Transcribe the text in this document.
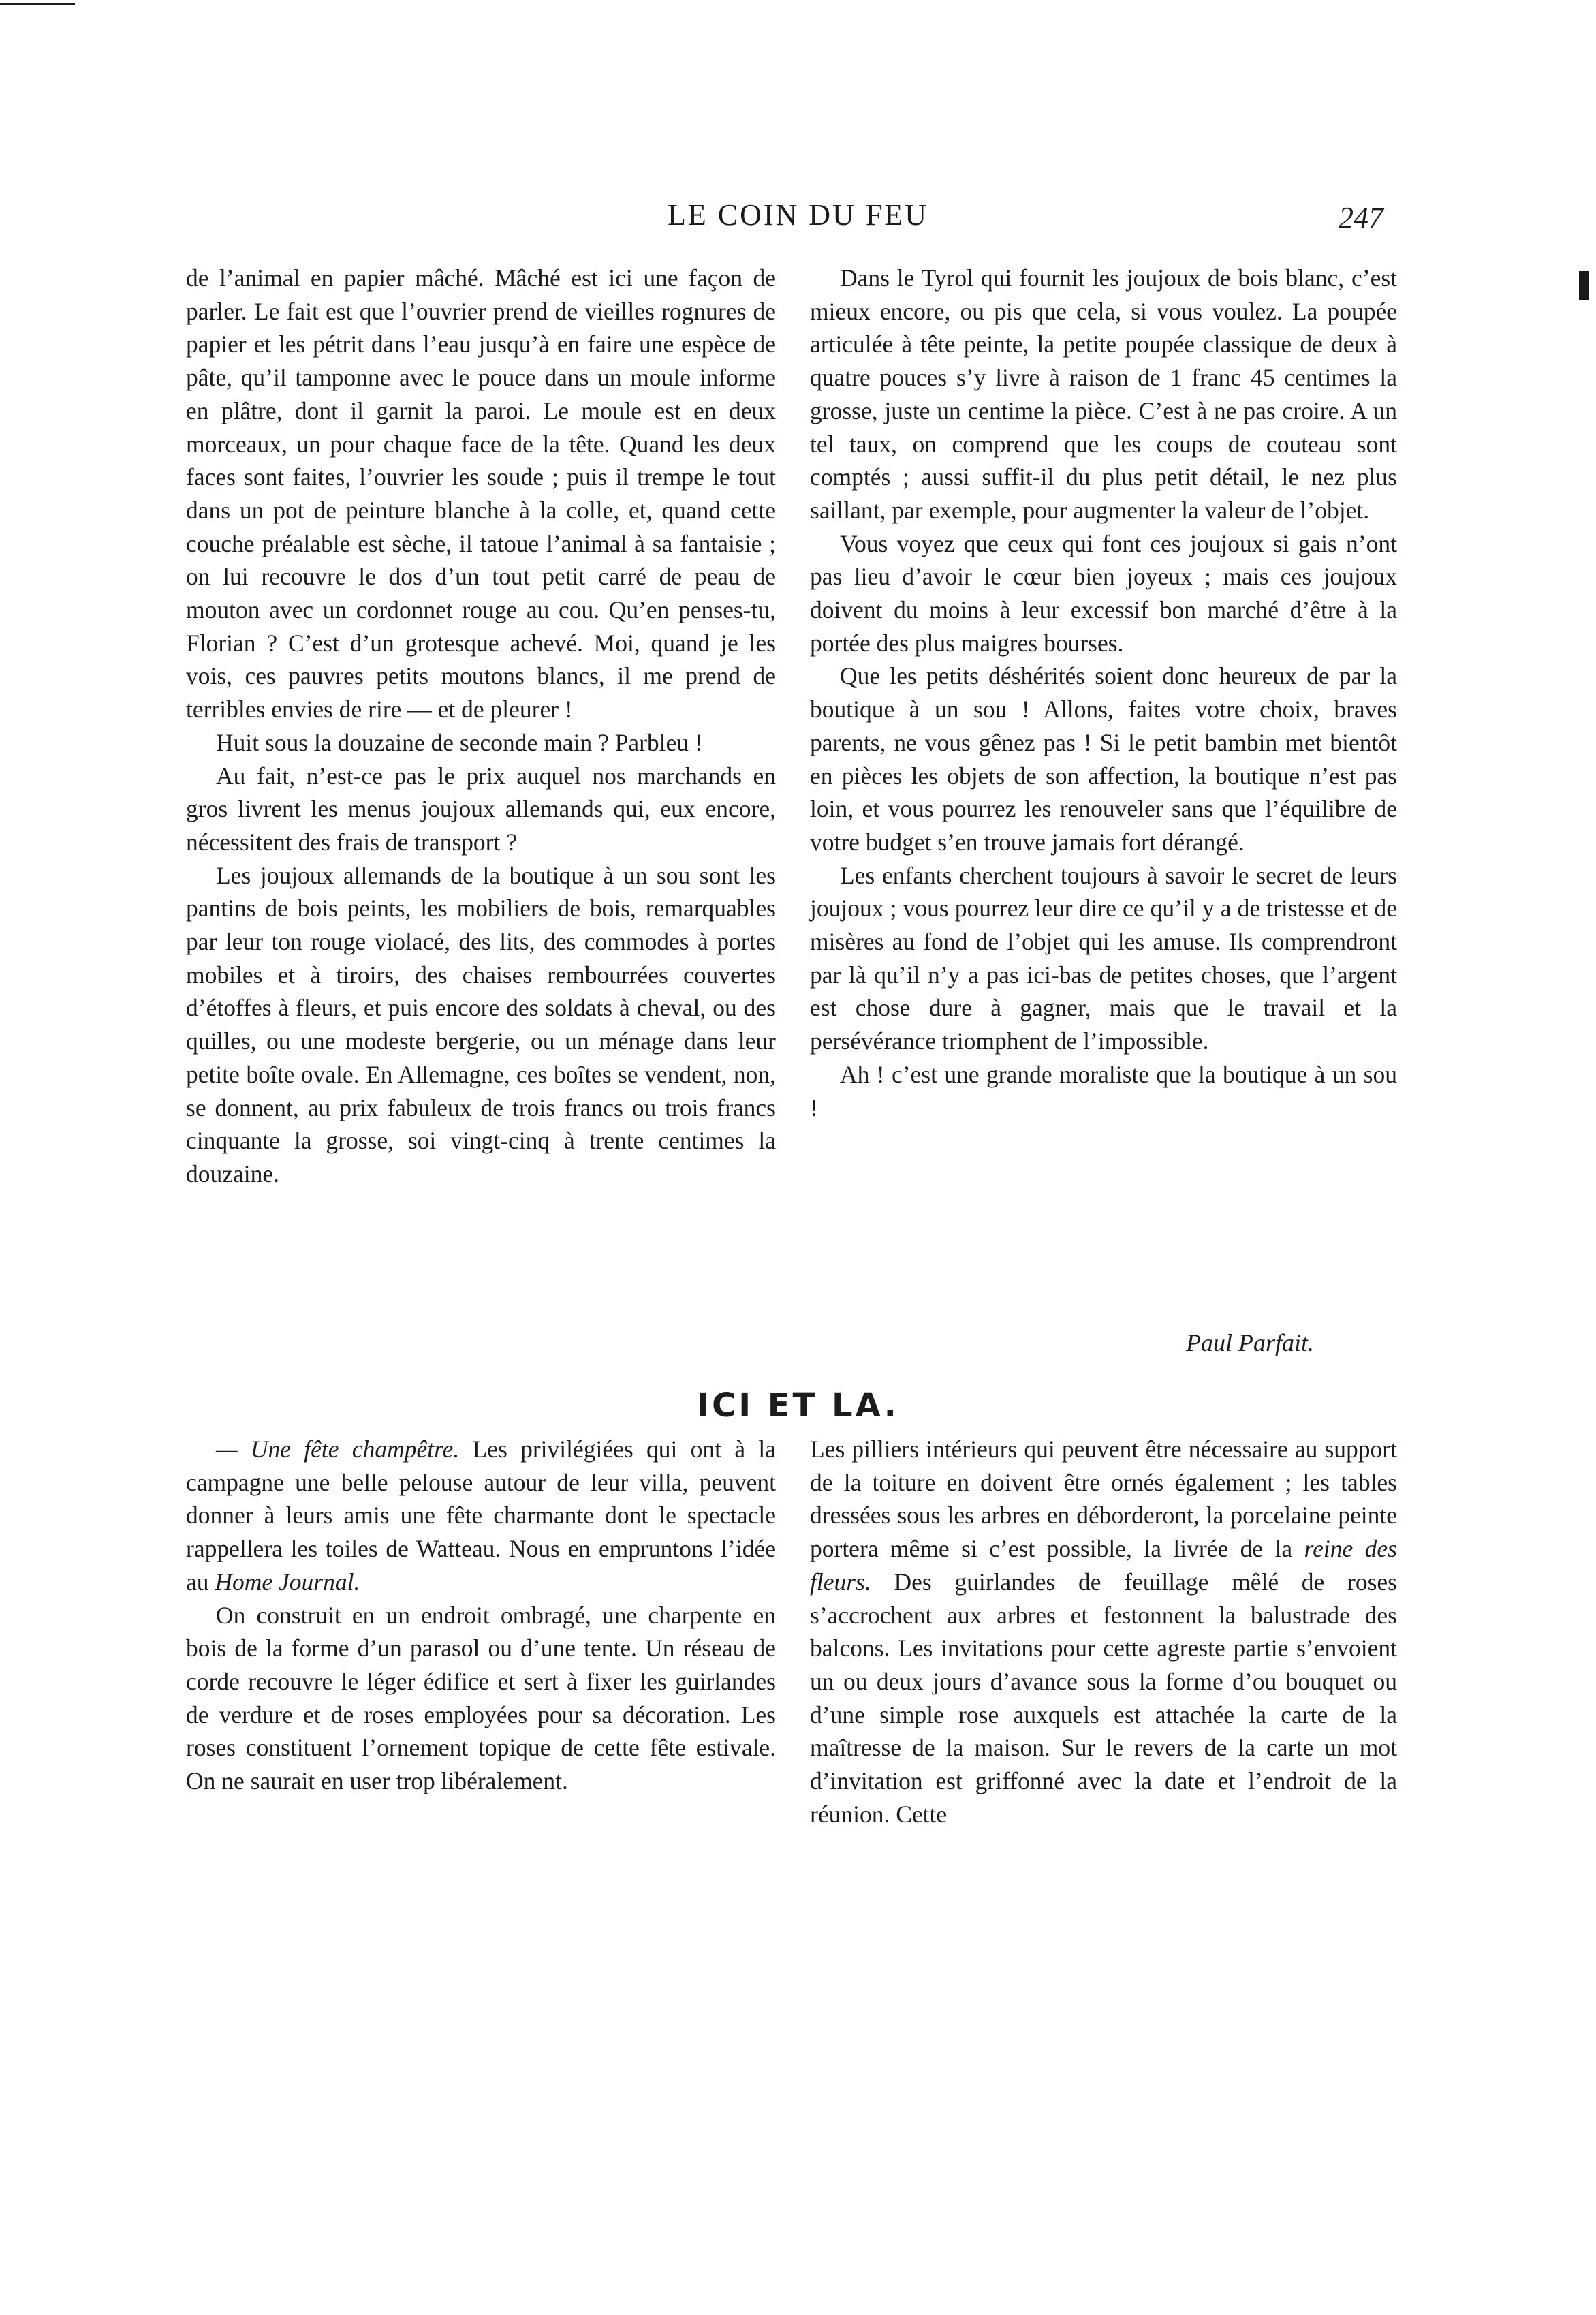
LE COIN DU FEU	247

de l’animal en papier mâché. Mâché est ici une façon de parler. Le fait est que l’ouvrier prend de vieilles rognures de papier et les pétrit dans l’eau jusqu’à en faire une espèce de pâte, qu’il tamponne avec le pouce dans un moule informe en plâtre, dont il garnit la paroi. Le moule est en deux morceaux, un pour chaque face de la tête. Quand les deux faces sont faites, l’ouvrier les soude ; puis il trempe le tout dans un pot de peinture blanche à la colle, et, quand cette couche préalable est sèche, il tatoue l’animal à sa fantaisie ; on lui recouvre le dos d’un tout petit carré de peau de mouton avec un cordonnet rouge au cou. Qu’en penses-tu, Florian ? C’est d’un grotesque achevé. Moi, quand je les vois, ces pauvres petits moutons blancs, il me prend de terribles envies de rire — et de pleurer !

Huit sous la douzaine de seconde main ? Parbleu !

Au fait, n’est-ce pas le prix auquel nos marchands en gros livrent les menus joujoux allemands qui, eux encore, nécessitent des frais de transport ?

Les joujoux allemands de la boutique à un sou sont les pantins de bois peints, les mobiliers de bois, remarquables par leur ton rouge violacé, des lits, des commodes à portes mobiles et à tiroirs, des chaises rembourrées couvertes d’étoffes à fleurs, et puis encore des soldats à cheval, ou des quilles, ou une modeste bergerie, ou un ménage dans leur petite boîte ovale. En Allemagne, ces boîtes se vendent, non, se donnent, au prix fabuleux de trois francs ou trois francs cinquante la grosse, soi vingt-cinq à trente centimes la douzaine.

Dans le Tyrol qui fournit les joujoux de bois blanc, c’est mieux encore, ou pis que cela, si vous voulez. La poupée articulée à tête peinte, la petite poupée classique de deux à quatre pouces s’y livre à raison de 1 franc 45 centimes la grosse, juste un centime la pièce. C’est à ne pas croire. A un tel taux, on comprend que les coups de couteau sont comptés ; aussi suffit-il du plus petit détail, le nez plus saillant, par exemple, pour augmenter la valeur de l’objet.

Vous voyez que ceux qui font ces joujoux si gais n’ont pas lieu d’avoir le cœur bien joyeux ; mais ces joujoux doivent du moins à leur excessif bon marché d’être à la portée des plus maigres bourses.

Que les petits déshérités soient donc heureux de par la boutique à un sou ! Allons, faites votre choix, braves parents, ne vous gênez pas ! Si le petit bambin met bientôt en pièces les objets de son affection, la boutique n’est pas loin, et vous pourrez les renouveler sans que l’équilibre de votre budget s’en trouve jamais fort dérangé.

Les enfants cherchent toujours à savoir le secret de leurs joujoux ; vous pourrez leur dire ce qu’il y a de tristesse et de misères au fond de l’objet qui les amuse. Ils comprendront par là qu’il n’y a pas ici-bas de petites choses, que l’argent est chose dure à gagner, mais que le travail et la persévérance triomphent de l’impossible.

Ah ! c’est une grande moraliste que la boutique à un sou !

Paul Parfait.
ICI ET LA.

— Une fête champêtre. Les privilégiées qui ont à la campagne une belle pelouse autour de leur villa, peuvent donner à leurs amis une fête charmante dont le spectacle rappellera les toiles de Watteau. Nous en empruntons l’idée au Home Journal.

On construit en un endroit ombragé, une charpente en bois de la forme d’un parasol ou d’une tente. Un réseau de corde recouvre le léger édifice et sert à fixer les guirlandes de verdure et de roses employées pour sa décoration. Les roses constituent l’ornement topique de cette fête estivale. On ne saurait en user trop libéralement.

Les pilliers intérieurs qui peuvent être nécessaire au support de la toiture en doivent être ornés également ; les tables dressées sous les arbres en déborderont, la porcelaine peinte portera même si c’est possible, la livrée de la reine des fleurs. Des guirlandes de feuillage mêlé de roses s’accrochent aux arbres et festonnent la balustrade des balcons. Les invitations pour cette agreste partie s’envoient un ou deux jours d’avance sous la forme d’ou bouquet ou d’une simple rose auxquels est attachée la carte de la maîtresse de la maison. Sur le revers de la carte un mot d’invitation est griffonné avec la date et l’endroit de la réunion. Cette
